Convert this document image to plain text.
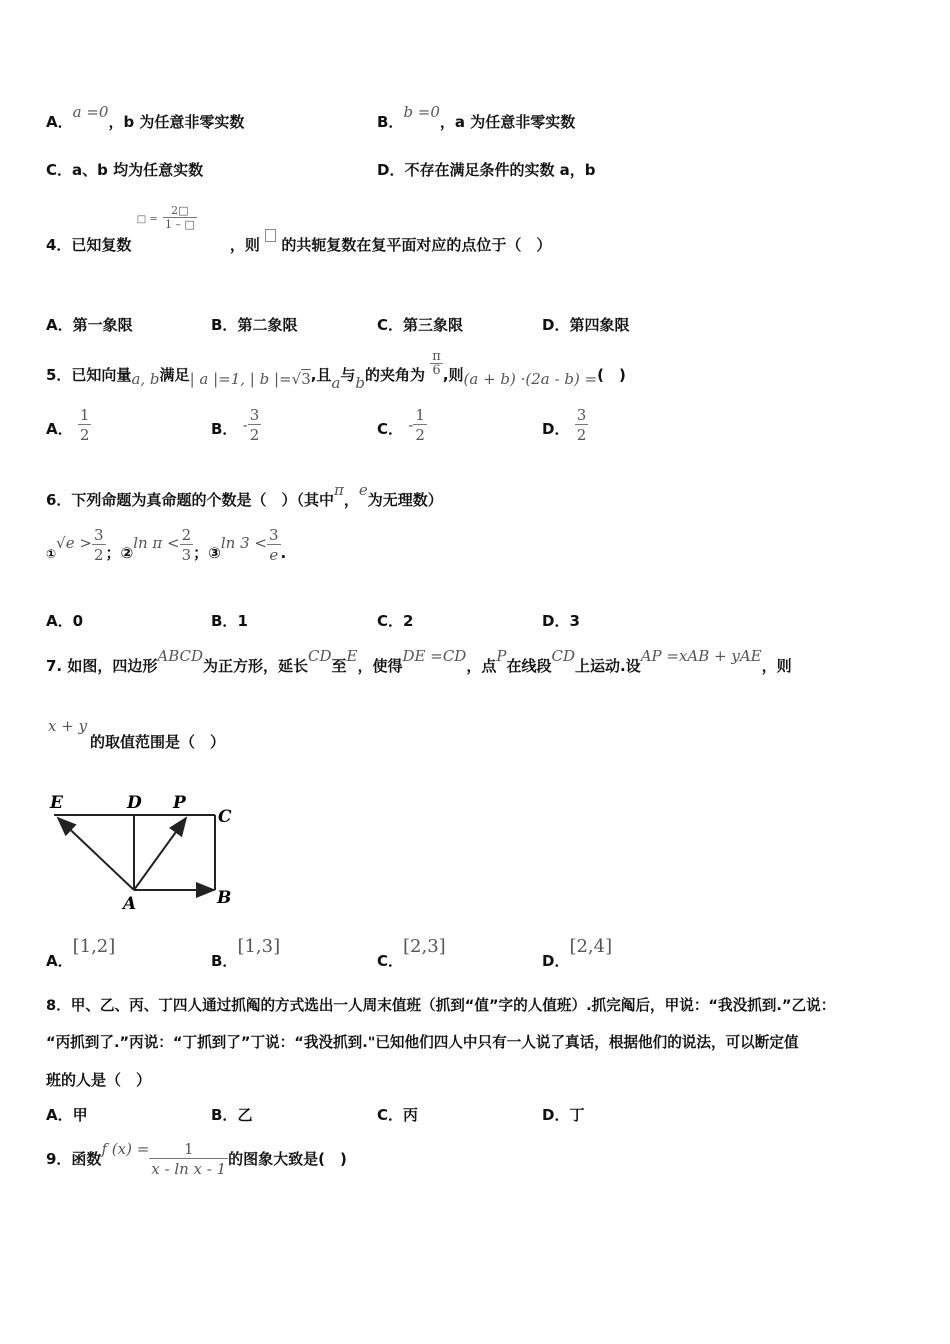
A．a =0，b 为任意非零实数	B．b =0，a 为任意非零实数
C．a、b 均为任意实数	D．不存在满足条件的实数 a，b
4．已知复数 □ = $\frac{2□}{1 - □}$
，则 的共轭复数在复平面对应的点位于（　）
A．第一象限	B．第二象限	C．第三象限	D．第四象限
5．已知向量a, b满足| a |=1, | b |=√3,且a与b的夹角为 $\frac{\pi}{6}$ ,则(a + b) ·(2a - b) =(　)
A． $\frac{1}{2}$	B． - $\frac{3}{2}$	C． - $\frac{1}{2}$	D． $\frac{3}{2}$
6．下列命题为真命题的个数是（　）（其中π，e为无理数）
$_①√e > \frac{3}{2}$ ；②ln $\pi < \frac{2}{3}$ ；③ln $3 < \frac{3}{e}$ .
A．0	B．1	C．2	D．3
7. 如图，四边形ABCD为正方形，延长CD至E，使得DE =CD，点P在线段CD上运动.设AP =xAB + yAE，则
x + y
的取值范围是（　）
E	D P
C
A	B
A．[1,2]
B．[1,3]
C．[2,3]
D．[2,4]
8．甲、乙、丙、丁四人通过抓阄的方式选出一人周末值班（抓到“值”字的人值班）.抓完阄后，甲说：“我没抓到.”乙说：
“丙抓到了.”丙说：“丁抓到了”丁说：“我没抓到."已知他们四人中只有一人说了真话，根据他们的说法，可以断定值
班的人是（　）
A．甲	B．乙	C．丙	D．丁
9．函数f $(x) = \frac{1}{\text{x - ln x - 1}}$ 的图象大致是(　)
